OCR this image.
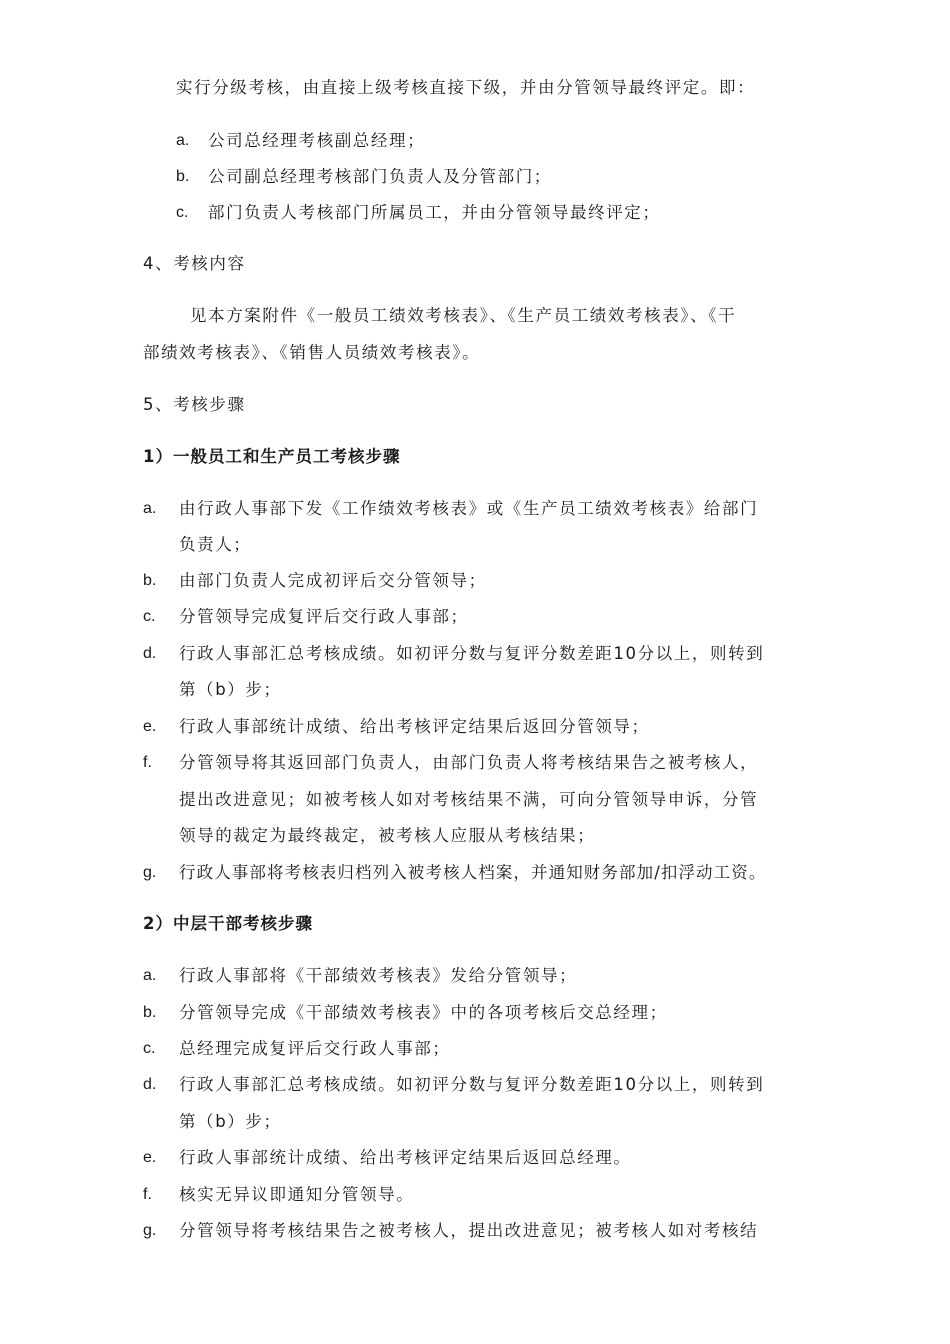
实行分级考核，由直接上级考核直接下级，并由分管领导最终评定。即：
a. 公司总经理考核副总经理；
b. 公司副总经理考核部门负责人及分管部门；
c. 部门负责人考核部门所属员工，并由分管领导最终评定；
4、考核内容
见本方案附件《一般员工绩效考核表》、《生产员工绩效考核表》、《干
部绩效考核表》、《销售人员绩效考核表》。
5、考核步骤
1）一般员工和生产员工考核步骤
a. 由行政人事部下发《工作绩效考核表》或《生产员工绩效考核表》给部门
负责人；
b. 由部门负责人完成初评后交分管领导；
c. 分管领导完成复评后交行政人事部；
d. 行政人事部汇总考核成绩。如初评分数与复评分数差距10分以上，则转到
第（b）步；
e. 行政人事部统计成绩、给出考核评定结果后返回分管领导；
f. 分管领导将其返回部门负责人，由部门负责人将考核结果告之被考核人，
提出改进意见；如被考核人如对考核结果不满，可向分管领导申诉，分管
领导的裁定为最终裁定，被考核人应服从考核结果；
g. 行政人事部将考核表归档列入被考核人档案，并通知财务部加/扣浮动工资。
2）中层干部考核步骤
a. 行政人事部将《干部绩效考核表》发给分管领导；
b. 分管领导完成《干部绩效考核表》中的各项考核后交总经理；
c. 总经理完成复评后交行政人事部；
d. 行政人事部汇总考核成绩。如初评分数与复评分数差距10分以上，则转到
第（b）步；
e. 行政人事部统计成绩、给出考核评定结果后返回总经理。
f. 核实无异议即通知分管领导。
g. 分管领导将考核结果告之被考核人，提出改进意见；被考核人如对考核结
